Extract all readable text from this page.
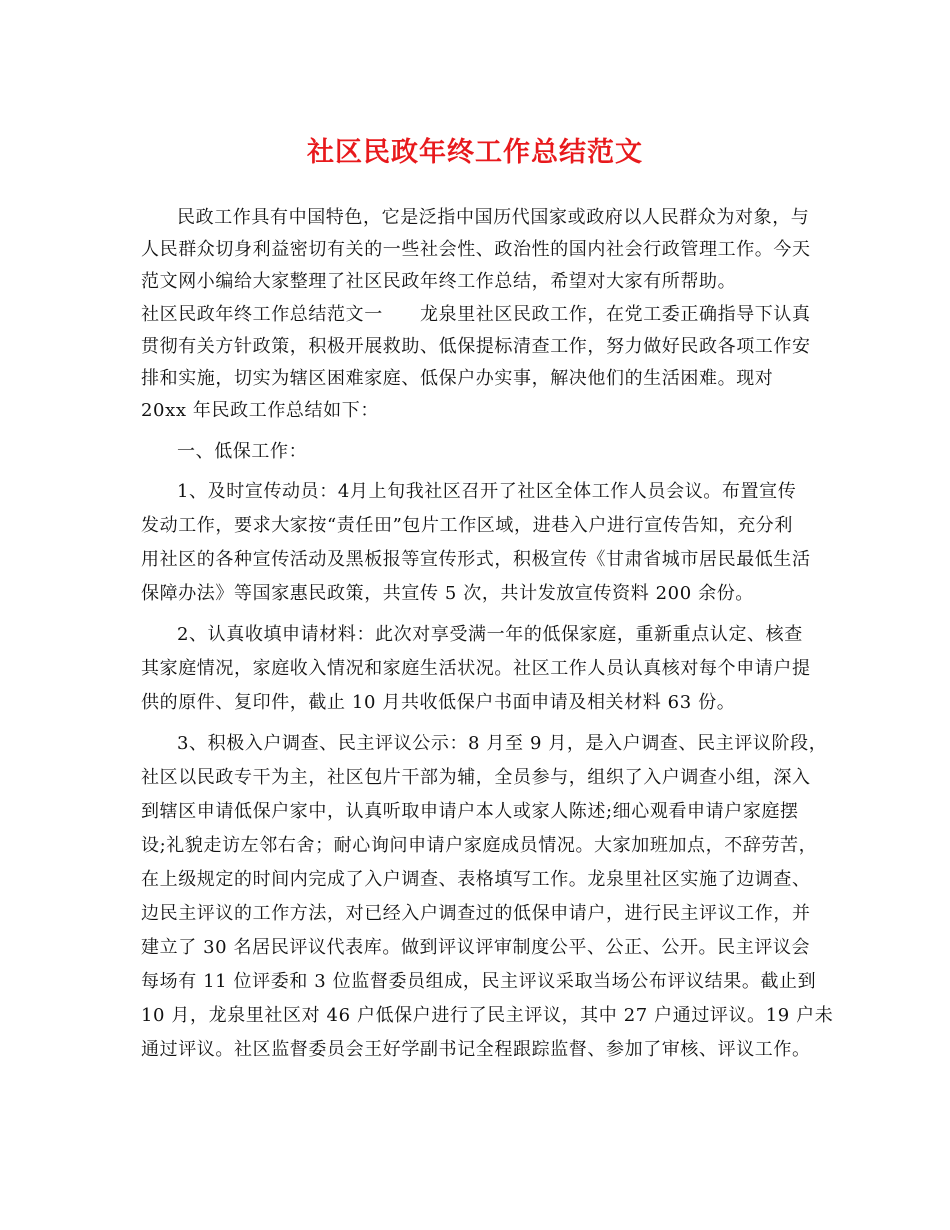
社区民政年终工作总结范文
民政工作具有中国特色，它是泛指中国历代国家或政府以人民群众为对象，与
人民群众切身利益密切有关的一些社会性、政治性的国内社会行政管理工作。今天
范文网小编给大家整理了社区民政年终工作总结，希望对大家有所帮助。
社区民政年终工作总结范文一　　龙泉里社区民政工作，在党工委正确指导下认真
贯彻有关方针政策，积极开展救助、低保提标清查工作，努力做好民政各项工作安
排和实施，切实为辖区困难家庭、低保户办实事，解决他们的生活困难。现对
20xx 年民政工作总结如下：
一、低保工作：
1、及时宣传动员：4月上旬我社区召开了社区全体工作人员会议。布置宣传
发动工作，要求大家按“责任田”包片工作区域，进巷入户进行宣传告知，充分利
用社区的各种宣传活动及黑板报等宣传形式，积极宣传《甘肃省城市居民最低生活
保障办法》等国家惠民政策，共宣传 5 次，共计发放宣传资料 200 余份。
2、认真收填申请材料：此次对享受满一年的低保家庭，重新重点认定、核查
其家庭情况，家庭收入情况和家庭生活状况。社区工作人员认真核对每个申请户提
供的原件、复印件，截止 10 月共收低保户书面申请及相关材料 63 份。
3、积极入户调查、民主评议公示：8 月至 9 月，是入户调查、民主评议阶段，
社区以民政专干为主，社区包片干部为辅，全员参与，组织了入户调查小组，深入
到辖区申请低保户家中，认真听取申请户本人或家人陈述;细心观看申请户家庭摆
设;礼貌走访左邻右舍；耐心询问申请户家庭成员情况。大家加班加点，不辞劳苦，
在上级规定的时间内完成了入户调查、表格填写工作。龙泉里社区实施了边调查、
边民主评议的工作方法，对已经入户调查过的低保申请户，进行民主评议工作，并
建立了 30 名居民评议代表库。做到评议评审制度公平、公正、公开。民主评议会
每场有 11 位评委和 3 位监督委员组成，民主评议采取当场公布评议结果。截止到
10 月，龙泉里社区对 46 户低保户进行了民主评议，其中 27 户通过评议。19 户未
通过评议。社区监督委员会王好学副书记全程跟踪监督、参加了审核、评议工作。
